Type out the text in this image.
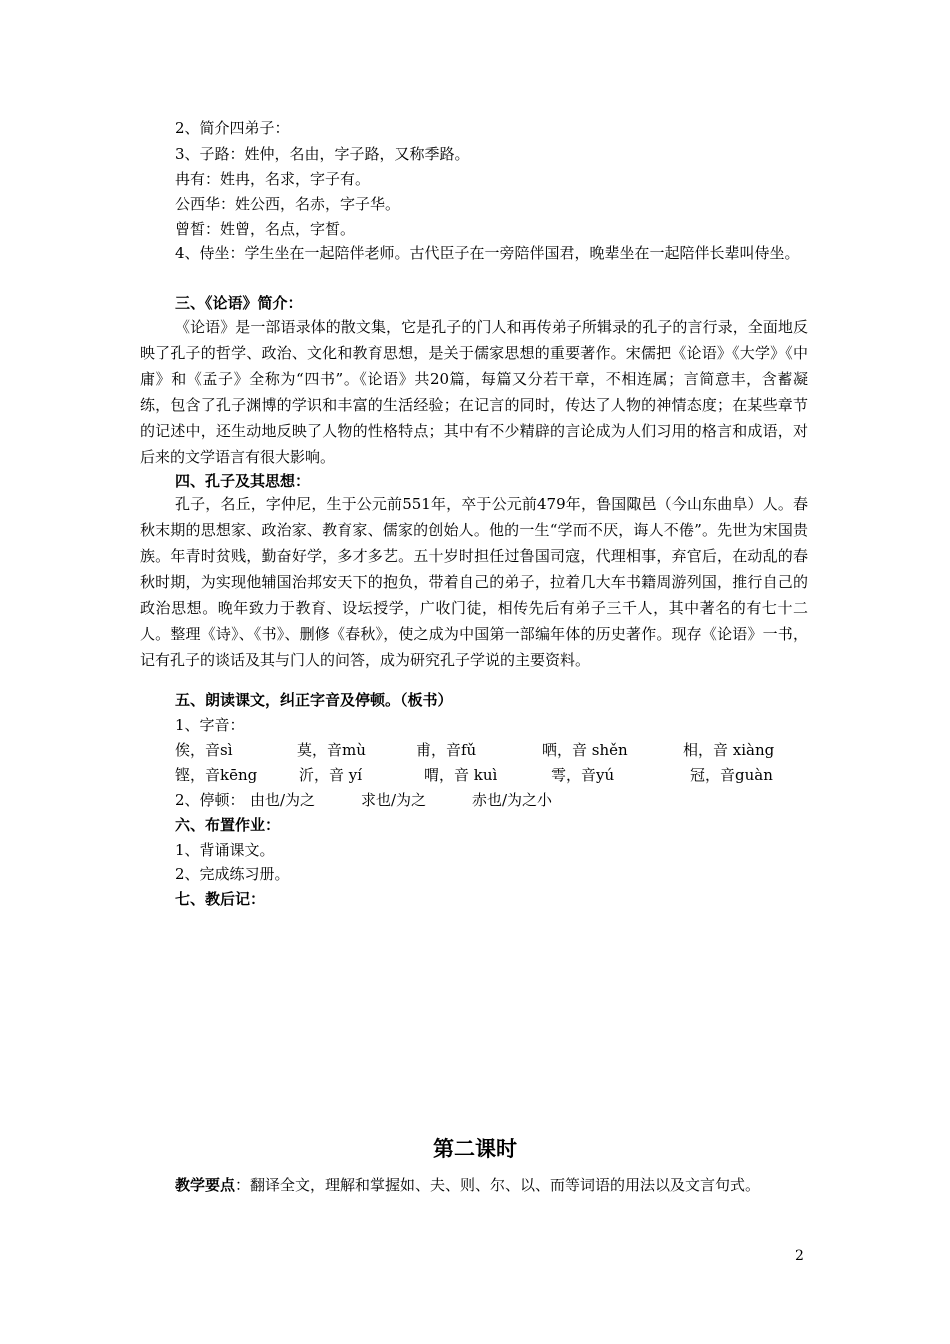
2、简介四弟子：
3、子路：姓仲，名由，字子路，又称季路。
冉有：姓冉，名求，字子有。
公西华：姓公西，名赤，字子华。
曾皙：姓曾，名点，字皙。

4、侍坐：学生坐在一起陪伴老师。古代臣子在一旁陪伴国君，晚辈坐在一起陪伴长辈叫侍坐。

三、《论语》简介：

《论语》是一部语录体的散文集，它是孔子的门人和再传弟子所辑录的孔子的言行录，全面地反映了孔子的哲学、政治、文化和教育思想，是关于儒家思想的重要著作。宋儒把《论语》《大学》《中庸》和《孟子》全称为“四书”。《论语》共20篇，每篇又分若干章，不相连属；言简意丰，含蓄凝练，包含了孔子渊博的学识和丰富的生活经验；在记言的同时，传达了人物的神情态度；在某些章节的记述中，还生动地反映了人物的性格特点；其中有不少精辟的言论成为人们习用的格言和成语，对后来的文学语言有很大影响。

四、孔子及其思想：

孔子，名丘，字仲尼，生于公元前551年，卒于公元前479年，鲁国陬邑（今山东曲阜）人。春秋末期的思想家、政治家、教育家、儒家的创始人。他的一生“学而不厌，诲人不倦”。先世为宋国贵族。年青时贫贱，勤奋好学，多才多艺。五十岁时担任过鲁国司寇，代理相事，弃官后，在动乱的春秋时期，为实现他辅国治邦安天下的抱负，带着自己的弟子，拉着几大车书籍周游列国，推行自己的政治思想。晚年致力于教育、设坛授学，广收门徒，相传先后有弟子三千人，其中著名的有七十二人。整理《诗》、《书》、删修《春秋》，使之成为中国第一部编年体的历史著作。现存《论语》一书，记有孔子的谈话及其与门人的问答，成为研究孔子学说的主要资料。

五、朗读课文，纠正字音及停顿。（板书）
1、字音：
俟，音sì	莫，音mù	甫，音fǔ	哂，音 shěn	相，音 xiàng
铿，音kēng	沂，音 yí	喟，音 kuì	雩，音yú	冠，音guàn
2、停顿： 由也/为之	求也/为之	赤也/为之小
六、布置作业：
1、背诵课文。
2、完成练习册。
七、教后记：
第二课时
教学要点：翻译全文，理解和掌握如、夫、则、尔、以、而等词语的用法以及文言句式。
2
